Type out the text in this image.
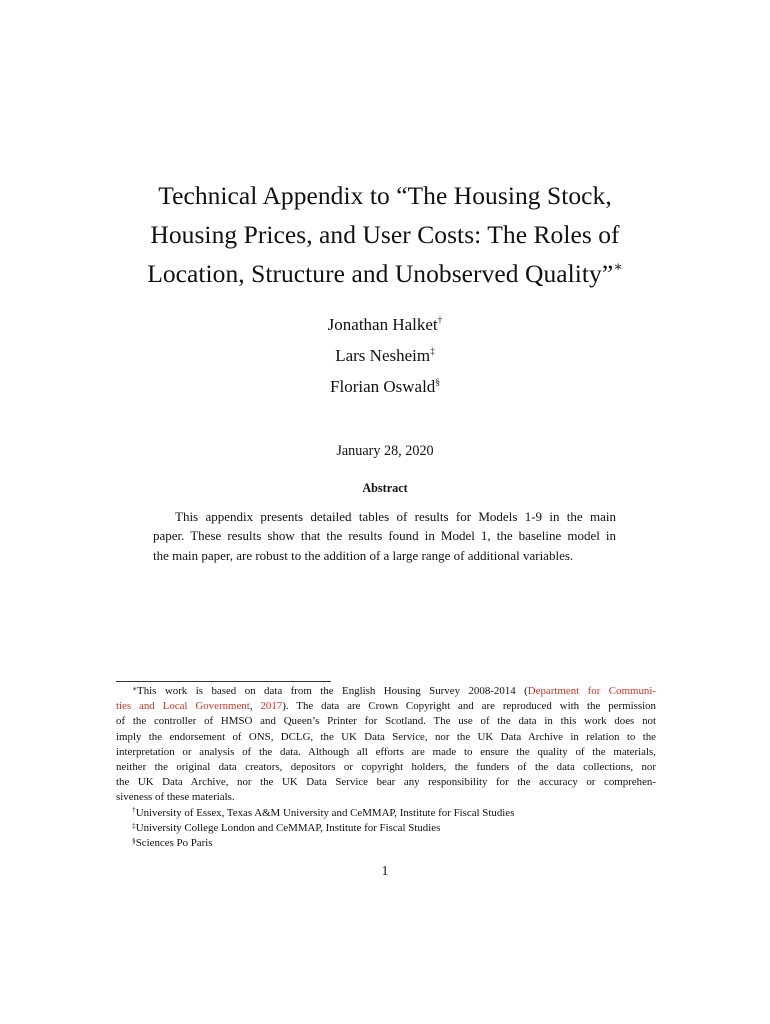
Technical Appendix to “The Housing Stock,
Housing Prices, and User Costs: The Roles of
Location, Structure and Unobserved Quality”∗
Jonathan Halket†
Lars Nesheim‡
Florian Oswald§
January 28, 2020
Abstract
This appendix presents detailed tables of results for Models 1-9 in the main
paper. These results show that the results found in Model 1, the baseline model in
the main paper, are robust to the addition of a large range of additional variables.
∗This work is based on data from the English Housing Survey 2008-2014 (Department for Communi-
ties and Local Government, 2017). The data are Crown Copyright and are reproduced with the permission
of the controller of HMSO and Queen’s Printer for Scotland. The use of the data in this work does not
imply the endorsement of ONS, DCLG, the UK Data Service, nor the UK Data Archive in relation to the
interpretation or analysis of the data. Although all efforts are made to ensure the quality of the materials,
neither the original data creators, depositors or copyright holders, the funders of the data collections, nor
the UK Data Archive, nor the UK Data Service bear any responsibility for the accuracy or comprehen-
siveness of these materials.
†University of Essex, Texas A&M University and CeMMAP, Institute for Fiscal Studies
‡University College London and CeMMAP, Institute for Fiscal Studies
§Sciences Po Paris
1
